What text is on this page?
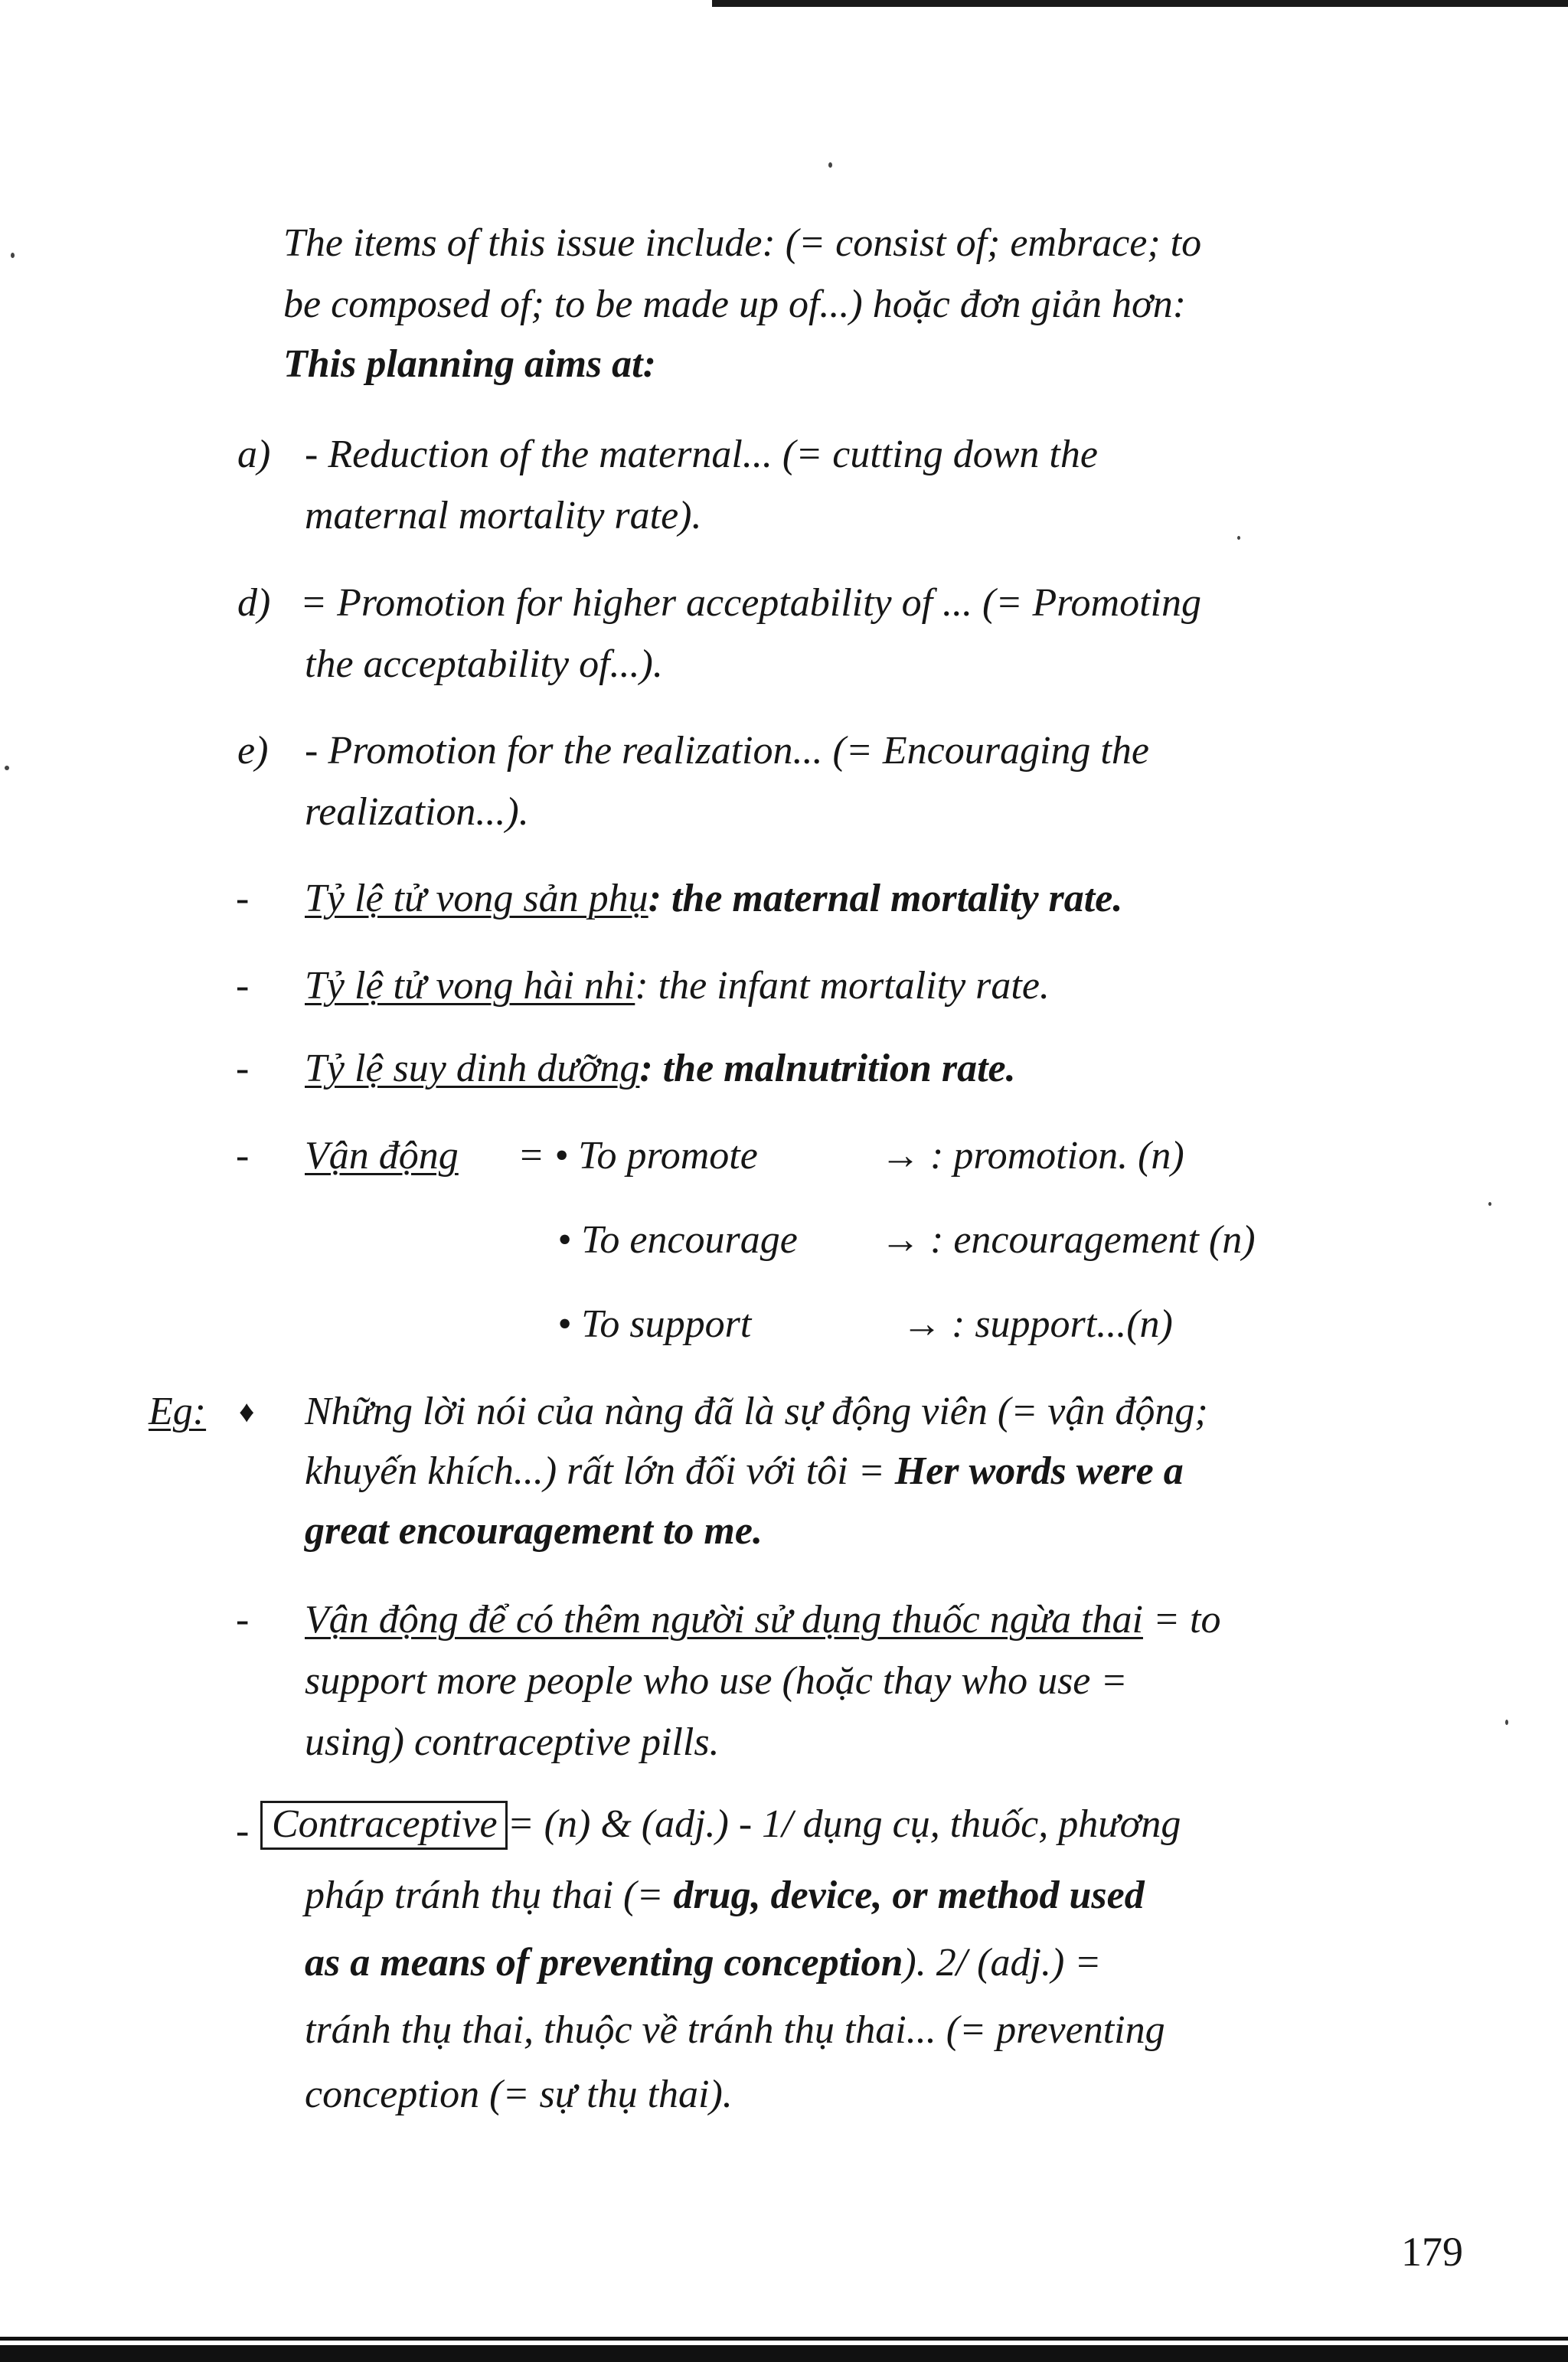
The items of this issue include: (= consist of; embrace; to
be composed of; to be made up of...) hoặc đơn giản hơn:
This planning aims at:
a) - Reduction of the maternal... (= cutting down the
maternal mortality rate).
d) = Promotion for higher acceptability of ... (= Promoting
the acceptability of...).
e) - Promotion for the realization... (= Encouraging the
realization...).
- Tỷ lệ tử vong sản phụ: the maternal mortality rate.
- Tỷ lệ tử vong hài nhi: the infant mortality rate.
- Tỷ lệ suy dinh dưỡng: the malnutrition rate.
- Vận động = • To promote	→ : promotion. (n)
• To encourage → : encouragement (n)
• To support	→ : support...(n)
Eg: ♦ Những lời nói của nàng đã là sự động viên (= vận động;
khuyến khích...) rất lớn đối với tôi = Her words were a
great encouragement to me.
- Vận động để có thêm người sử dụng thuốc ngừa thai = to
support more people who use (hoặc thay who use =
using) contraceptive pills.
- Contraceptive = (n) & (adj.) - 1/ dụng cụ, thuốc, phương
pháp tránh thụ thai (= drug, device, or method used
as a means of preventing conception). 2/ (adj.) =
tránh thụ thai, thuộc về tránh thụ thai... (= preventing
conception (= sự thụ thai).
179
